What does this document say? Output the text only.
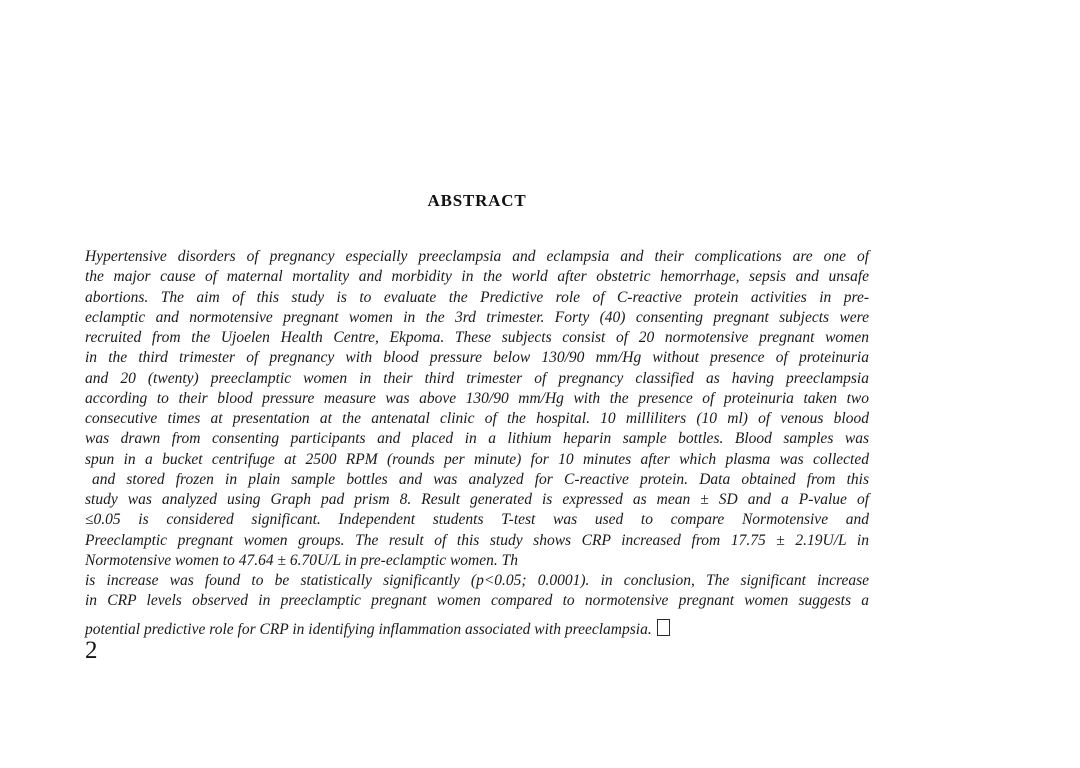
ABSTRACT
Hypertensive disorders of pregnancy especially preeclampsia and eclampsia and their complications are one of
the major cause of maternal mortality and morbidity in the world after obstetric hemorrhage, sepsis and unsafe
abortions. The aim of this study is to evaluate the Predictive role of C-reactive protein activities in pre-
eclamptic and normotensive pregnant women in the 3rd trimester. Forty (40) consenting pregnant subjects were
recruited from the Ujoelen Health Centre, Ekpoma. These subjects consist of 20 normotensive pregnant women
in the third trimester of pregnancy with blood pressure below 130/90 mm/Hg without presence of proteinuria
and 20 (twenty) preeclamptic women in their third trimester of pregnancy classified as having preeclampsia
according to their blood pressure measure was above 130/90 mm/Hg with the presence of proteinuria taken two
consecutive times at presentation at the antenatal clinic of the hospital. 10 milliliters (10 ml) of venous blood
was drawn from consenting participants and placed in a lithium heparin sample bottles. Blood samples was
spun in a bucket centrifuge at 2500 RPM (rounds per minute) for 10 minutes after which plasma was collected
and stored frozen in plain sample bottles and was analyzed for C-reactive protein. Data obtained from this
study was analyzed using Graph pad prism 8. Result generated is expressed as mean ± SD and a P-value of
≤0.05 is considered significant. Independent students T-test was used to compare Normotensive and
Preeclamptic pregnant women groups. The result of this study shows CRP increased from 17.75 ± 2.19U/L in
Normotensive women to 47.64 ± 6.70U/L in pre-eclamptic women. Th
is increase was found to be statistically significantly (p<0.05; 0.0001). in conclusion, The significant increase
in CRP levels observed in preeclamptic pregnant women compared to normotensive pregnant women suggests a
potential predictive role for CRP in identifying inflammation associated with preeclampsia.
2
